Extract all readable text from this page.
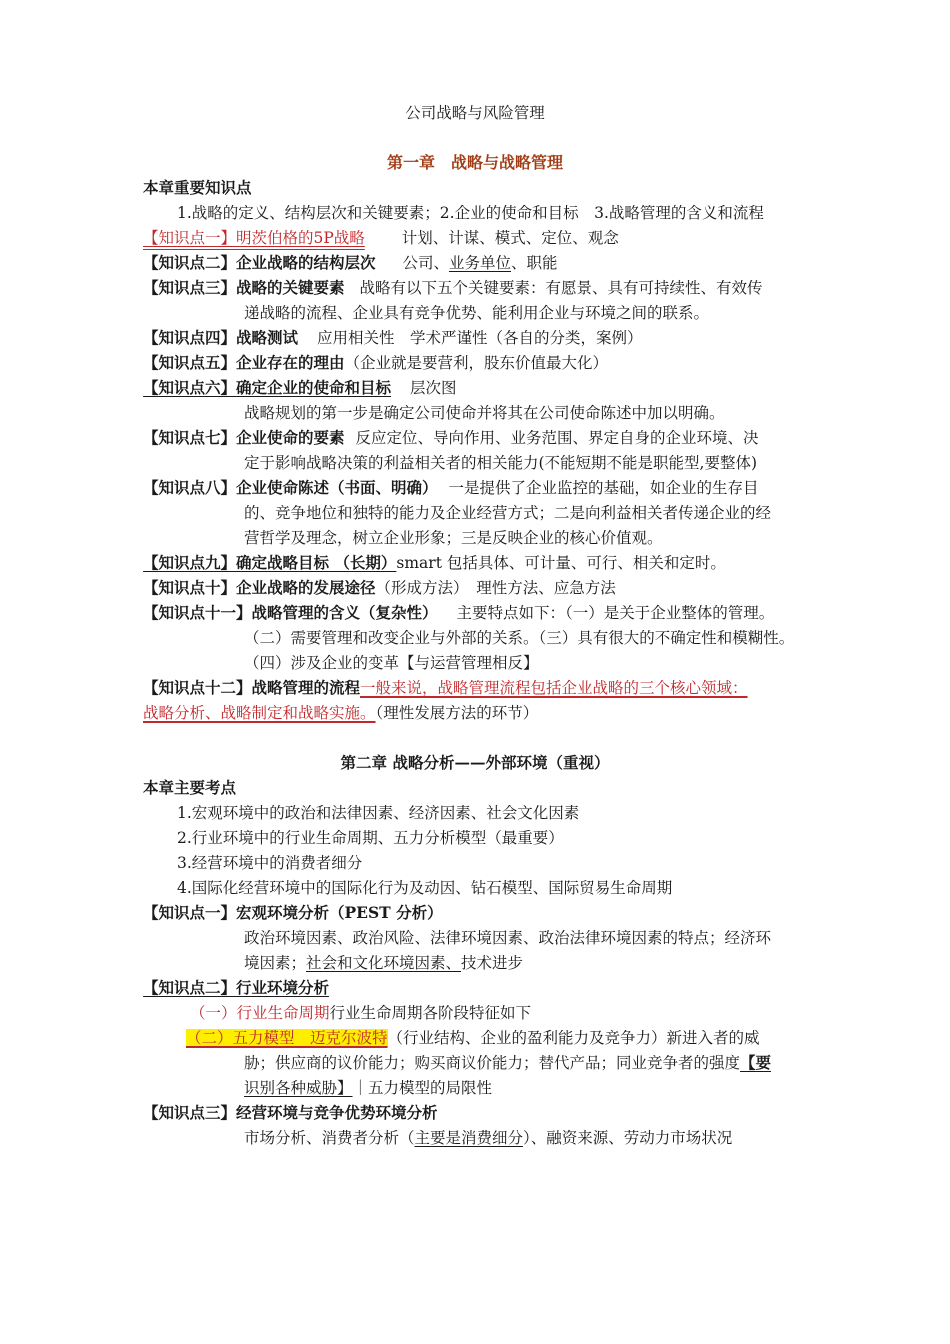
公司战略与风险管理
第一章　战略与战略管理
本章重要知识点
1.战略的定义、结构层次和关键要素；2.企业的使命和目标　3.战略管理的含义和流程
【知识点一】明茨伯格的5P战略 计划、计谋、模式、定位、观念
【知识点二】企业战略的结构层次 公司、业务单位、职能
【知识点三】战略的关键要素 战略有以下五个关键要素：有愿景、具有可持续性、有效传
递战略的流程、企业具有竞争优势、能利用企业与环境之间的联系。
【知识点四】战略测试 应用相关性　学术严谨性（各自的分类，案例）
【知识点五】企业存在的理由（企业就是要营利，股东价值最大化）
【知识点六】确定企业的使命和目标 层次图
战略规划的第一步是确定公司使命并将其在公司使命陈述中加以明确。
【知识点七】企业使命的要素 反应定位、导向作用、业务范围、界定自身的企业环境、决
定于影响战略决策的利益相关者的相关能力(不能短期不能是职能型,要整体)
【知识点八】企业使命陈述（书面、明确） 一是提供了企业监控的基础，如企业的生存目
的、竞争地位和独特的能力及企业经营方式；二是向利益相关者传递企业的经
营哲学及理念，树立企业形象；三是反映企业的核心价值观。
【知识点九】确定战略目标 （长期）smart 包括具体、可计量、可行、相关和定时。
【知识点十】企业战略的发展途径（形成方法）　理性方法、应急方法
【知识点十一】战略管理的含义（复杂性） 主要特点如下：（一）是关于企业整体的管理。
（二）需要管理和改变企业与外部的关系。（三）具有很大的不确定性和模糊性。
（四）涉及企业的变革【与运营管理相反】
【知识点十二】战略管理的流程一般来说，战略管理流程包括企业战略的三个核心领域：
战略分析、战略制定和战略实施。（理性发展方法的环节）
第二章 战略分析——外部环境（重视）
本章主要考点
1.宏观环境中的政治和法律因素、经济因素、社会文化因素
2.行业环境中的行业生命周期、五力分析模型（最重要）
3.经营环境中的消费者细分
4.国际化经营环境中的国际化行为及动因、钻石模型、国际贸易生命周期
【知识点一】宏观环境分析（PEST 分析）
政治环境因素、政治风险、法律环境因素、政治法律环境因素的特点；经济环
境因素；社会和文化环境因素、技术进步
【知识点二】行业环境分析
（一）行业生命周期行业生命周期各阶段特征如下
（二）五力模型　迈克尔波特（行业结构、企业的盈利能力及竞争力）新进入者的威
胁；供应商的议价能力；购买商议价能力；替代产品；同业竞争者的强度【要
识别各种威胁】｜五力模型的局限性
【知识点三】经营环境与竞争优势环境分析
市场分析、消费者分析（主要是消费细分）、融资来源、劳动力市场状况
